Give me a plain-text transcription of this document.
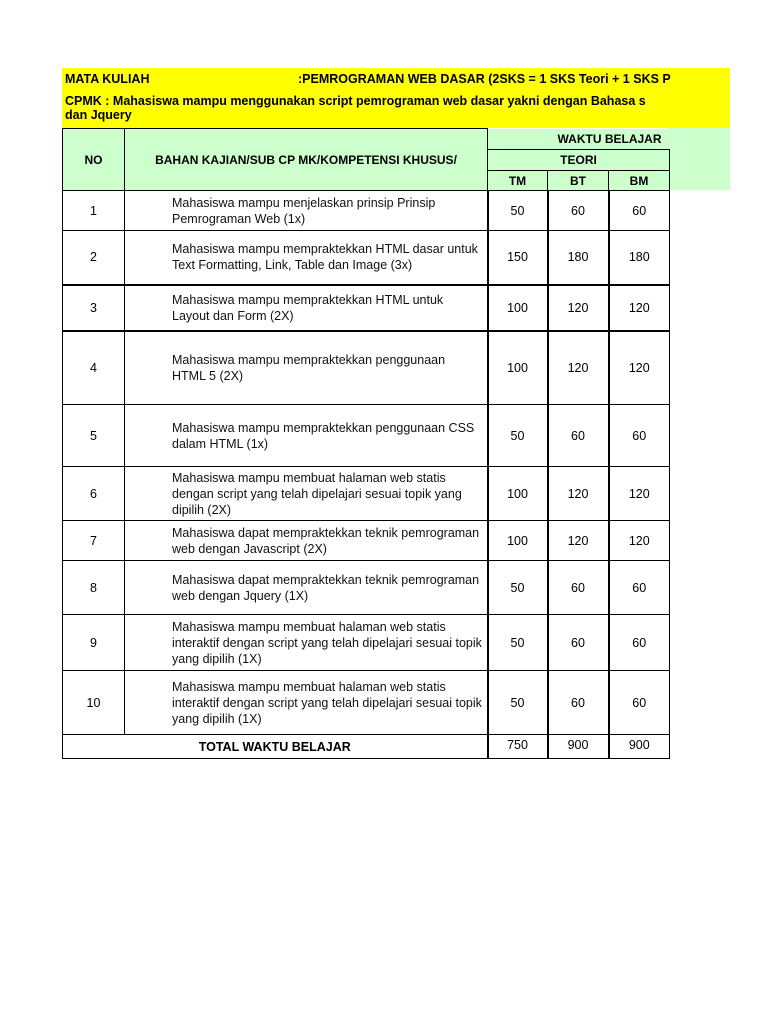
MATA KULIAH	:PEMROGRAMAN WEB DASAR (2SKS = 1 SKS Teori + 1 SKS P
CPMK : Mahasiswa mampu menggunakan script pemrograman web dasar yakni dengan Bahasa s
dan Jquery
NO	BAHAN KAJIAN/SUB CP MK/KOMPETENSI KHUSUS/	WAKTU BELAJAR		
		TEORI		
		TM	BT	BM
1	Mahasiswa mampu menjelaskan prinsip Prinsip Pemrograman Web (1x)	50	60	60
2	Mahasiswa mampu mempraktekkan HTML dasar untuk Text Formatting, Link, Table dan Image (3x)	150	180	180
3	Mahasiswa mampu mempraktekkan HTML untuk Layout dan Form (2X)	100	120	120
4	Mahasiswa mampu mempraktekkan penggunaan HTML 5 (2X)	100	120	120
5	Mahasiswa mampu mempraktekkan penggunaan CSS dalam HTML (1x)	50	60	60
6	Mahasiswa mampu membuat halaman web statis dengan script yang telah dipelajari sesuai topik yang dipilih (2X)	100	120	120
7	Mahasiswa dapat mempraktekkan teknik pemrograman web dengan Javascript (2X)	100	120	120
8	Mahasiswa dapat mempraktekkan teknik pemrograman web dengan Jquery (1X)	50	60	60
9	Mahasiswa mampu membuat halaman web statis interaktif dengan script yang telah dipelajari sesuai topik yang dipilih (1X)	50	60	60
10	Mahasiswa mampu membuat halaman web statis interaktif dengan script yang telah dipelajari sesuai topik yang dipilih (1X)	50	60	60
TOTAL WAKTU BELAJAR		750	900	900
